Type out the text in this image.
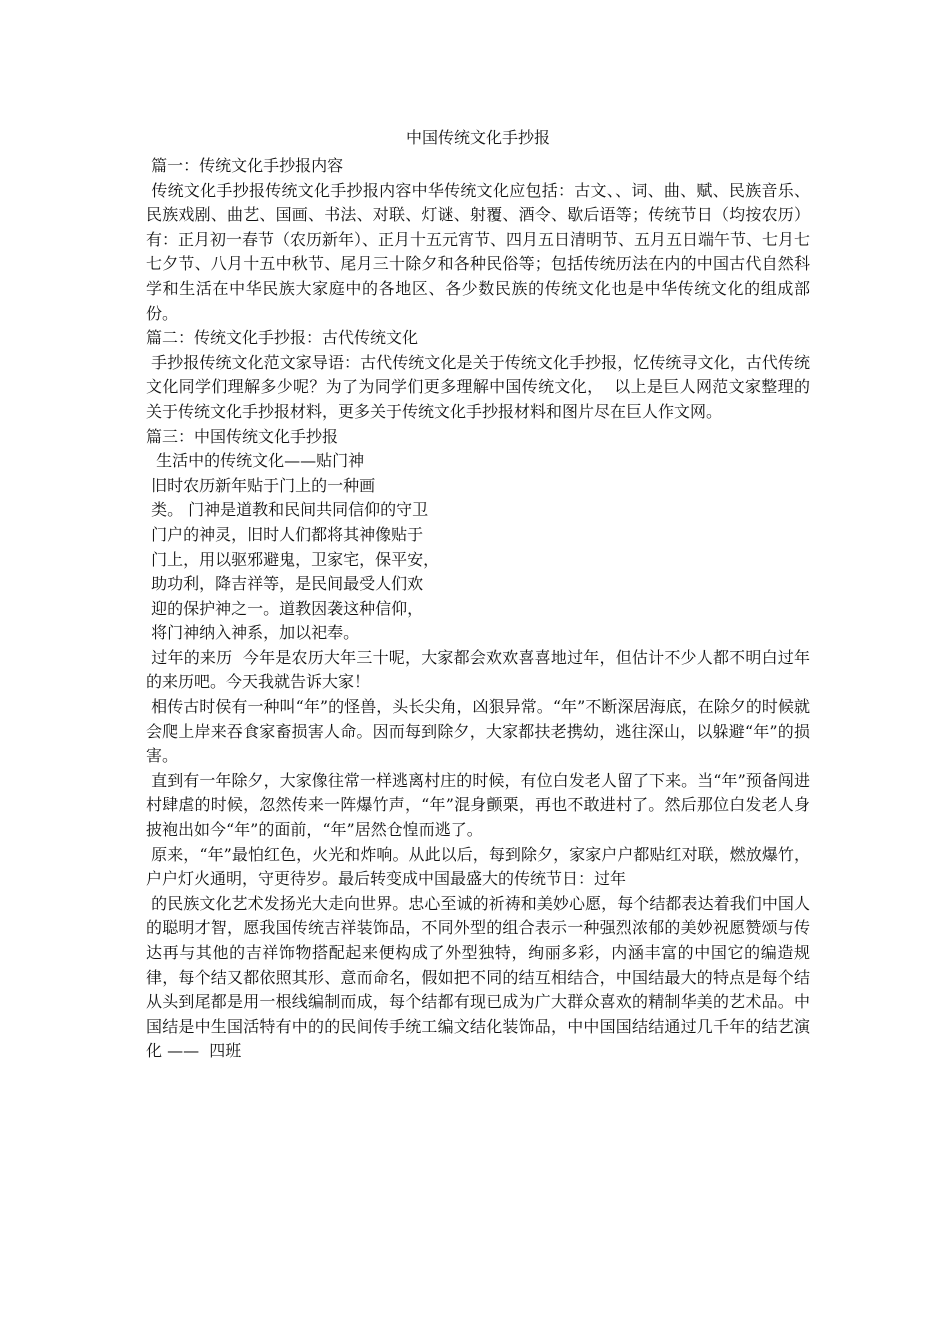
中国传统文化手抄报

篇一：传统文化手抄报内容

传统文化手抄报传统文化手抄报内容中华传统文化应包括：古文、、词、曲、赋、民族音乐、民族戏剧、曲艺、国画、书法、对联、灯谜、射覆、酒令、歇后语等；传统节日（均按农历）有：正月初一春节（农历新年）、正月十五元宵节、四月五日清明节、五月五日端午节、七月七七夕节、八月十五中秋节、尾月三十除夕和各种民俗等；包括传统历法在内的中国古代自然科学和生活在中华民族大家庭中的各地区、各少数民族的传统文化也是中华传统文化的组成部份。

篇二：传统文化手抄报：古代传统文化

手抄报传统文化范文家导语：古代传统文化是关于传统文化手抄报，忆传统寻文化，古代传统文化同学们理解多少呢？为了为同学们更多理解中国传统文化，  以上是巨人网范文家整理的关于传统文化手抄报材料，更多关于传统文化手抄报材料和图片尽在巨人作文网。

篇三：中国传统文化手抄报

生活中的传统文化——贴门神

旧时农历新年贴于门上的一种画

类。 门神是道教和民间共同信仰的守卫

门户的神灵，旧时人们都将其神像贴于

门上，用以驱邪避鬼，卫家宅，保平安，

助功利，降吉祥等，是民间最受人们欢

迎的保护神之一。道教因袭这种信仰，

将门神纳入神系，加以祀奉。

过年的来历  今年是农历大年三十呢，大家都会欢欢喜喜地过年，但估计不少人都不明白过年的来历吧。今天我就告诉大家！

相传古时侯有一种叫“年”的怪兽，头长尖角，凶狠异常。“年”不断深居海底，在除夕的时候就会爬上岸来吞食家畜损害人命。因而每到除夕，大家都扶老携幼，逃往深山，以躲避“年”的损害。

直到有一年除夕，大家像往常一样逃离村庄的时候，有位白发老人留了下来。当“年”预备闯进村肆虐的时候，忽然传来一阵爆竹声，“年”混身颤栗，再也不敢进村了。然后那位白发老人身披袍出如今“年”的面前，“年”居然仓惶而逃了。

原来，“年”最怕红色，火光和炸响。从此以后，每到除夕，家家户户都贴红对联，燃放爆竹，户户灯火通明，守更待岁。最后转变成中国最盛大的传统节日：过年

的民族文化艺术发扬光大走向世界。忠心至诚的祈祷和美妙心愿，每个结都表达着我们中国人的聪明才智，愿我国传统吉祥装饰品，不同外型的组合表示一种强烈浓郁的美妙祝愿赞颂与传达再与其他的吉祥饰物搭配起来便构成了外型独特，绚丽多彩，内涵丰富的中国它的编造规律，每个结又都依照其形、意而命名，假如把不同的结互相结合，中国结最大的特点是每个结从头到尾都是用一根线编制而成，每个结都有现已成为广大群众喜欢的精制华美的艺术品。中国结是中生国活特有中的的民间传手统工编文结化装饰品，中中国国结结通过几千年的结艺演化 ——  四班
